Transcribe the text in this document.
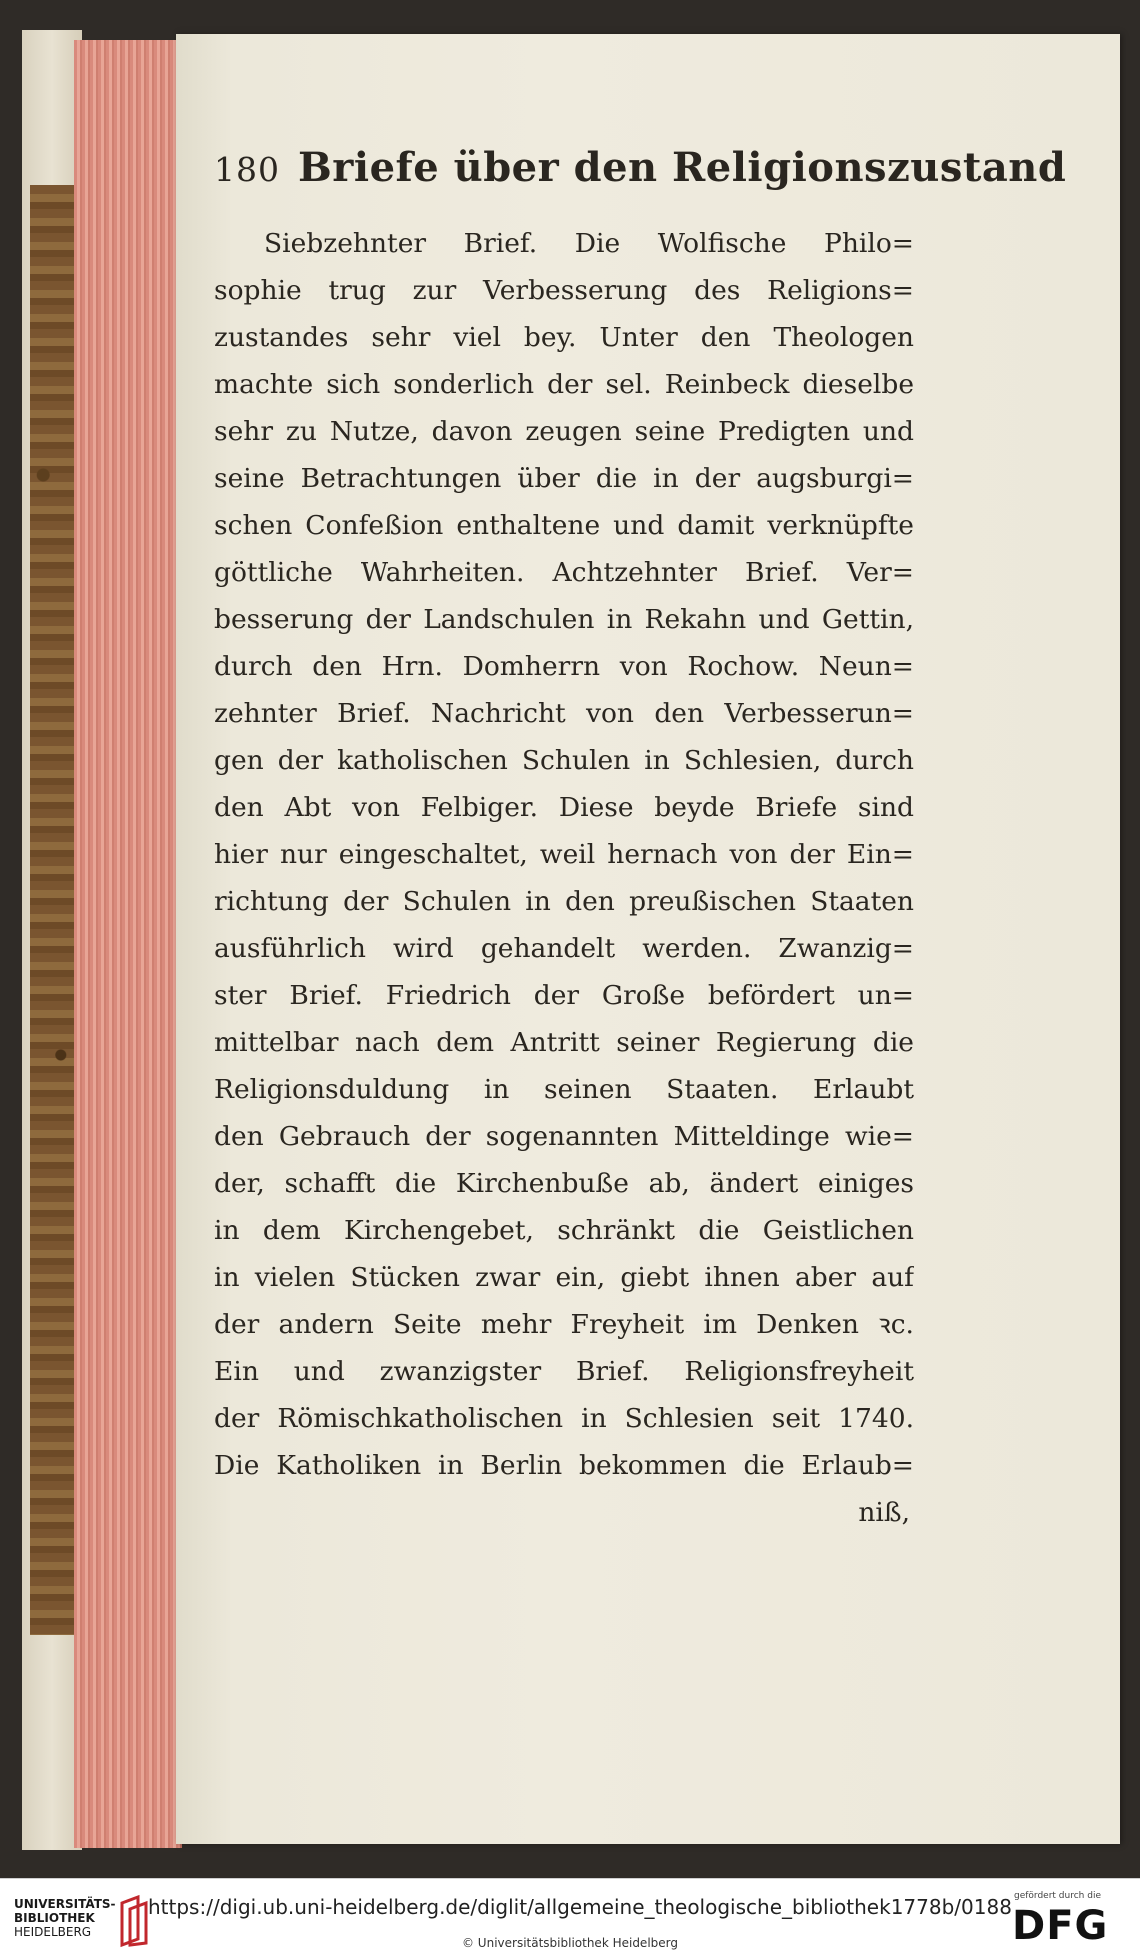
180 Briefe über den Religionszustand
Siebzehnter Brief. Die Wolfische Philo=
sophie trug zur Verbesserung des Religions=
zustandes sehr viel bey. Unter den Theologen
machte sich sonderlich der sel. Reinbeck dieselbe
sehr zu Nutze, davon zeugen seine Predigten und
seine Betrachtungen über die in der augsburgi=
schen Confeßion enthaltene und damit verknüpfte
göttliche Wahrheiten. Achtzehnter Brief. Ver=
besserung der Landschulen in Rekahn und Gettin,
durch den Hrn. Domherrn von Rochow. Neun=
zehnter Brief. Nachricht von den Verbesserun=
gen der katholischen Schulen in Schlesien, durch
den Abt von Felbiger. Diese beyde Briefe sind
hier nur eingeschaltet, weil hernach von der Ein=
richtung der Schulen in den preußischen Staaten
ausführlich wird gehandelt werden. Zwanzig=
ster Brief. Friedrich der Große befördert un=
mittelbar nach dem Antritt seiner Regierung die
Religionsduldung in seinen Staaten. Erlaubt
den Gebrauch der sogenannten Mitteldinge wie=
der, schafft die Kirchenbuße ab, ändert einiges
in dem Kirchengebet, schränkt die Geistlichen
in vielen Stücken zwar ein, giebt ihnen aber auf
der andern Seite mehr Freyheit im Denken ꝛc.
Ein und zwanzigster Brief. Religionsfreyheit
der Römischkatholischen in Schlesien seit 1740.
Die Katholiken in Berlin bekommen die Erlaub=
niß,
UNIVERSITÄTS-
BIBLIOTHEK
HEIDELBERG
https://digi.ub.uni-heidelberg.de/diglit/allgemeine_theologische_bibliothek1778b/0188
© Universitätsbibliothek Heidelberg
gefördert durch die
DFG
